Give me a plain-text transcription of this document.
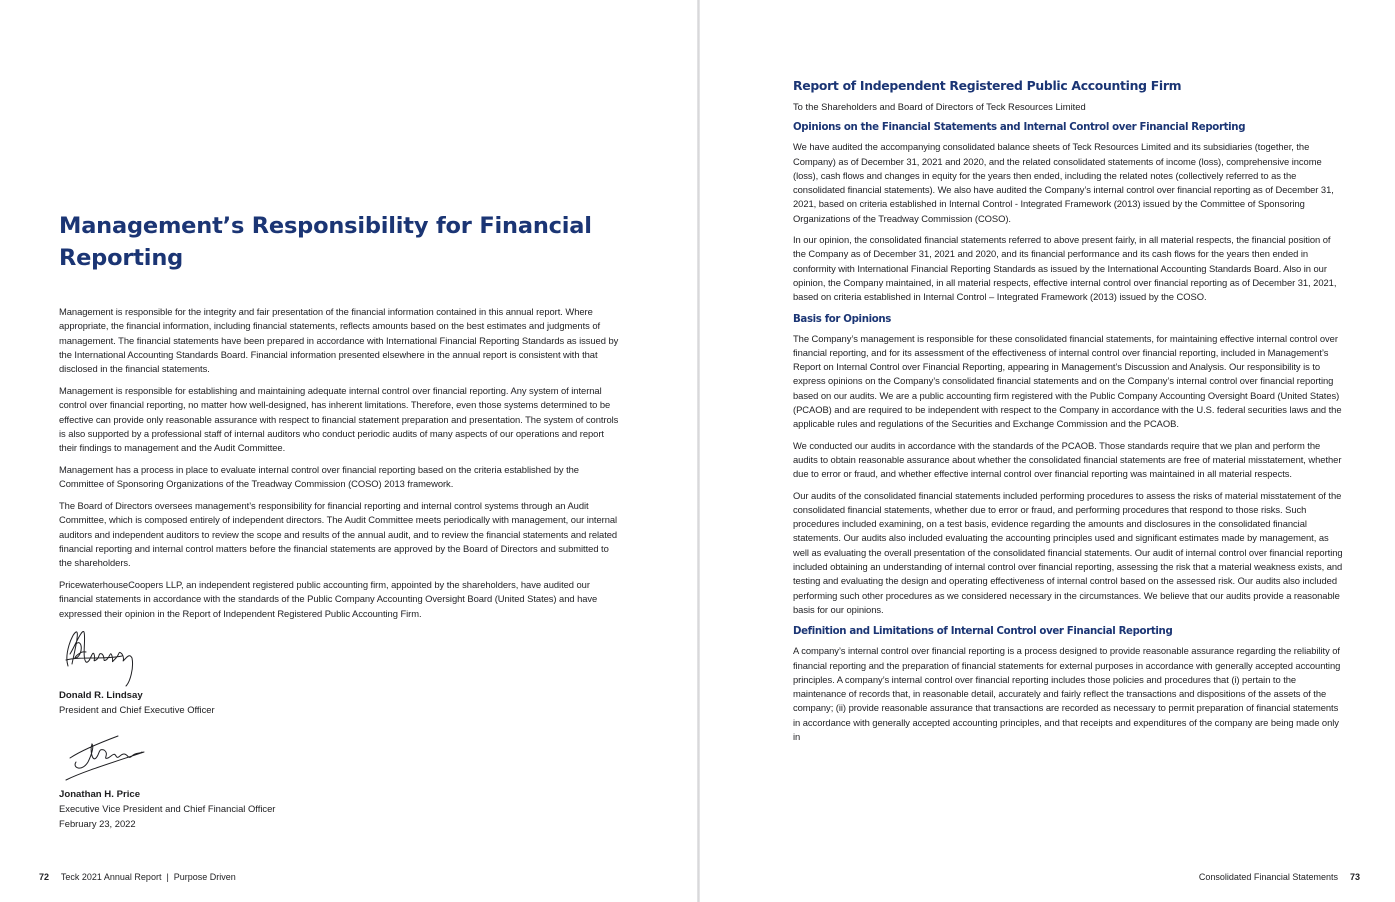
Management’s Responsibility for Financial Reporting

Management is responsible for the integrity and fair presentation of the financial information contained in this annual report. Where appropriate, the financial information, including financial statements, reflects amounts based on the best estimates and judgments of management. The financial statements have been prepared in accordance with International Financial Reporting Standards as issued by the International Accounting Standards Board. Financial information presented elsewhere in the annual report is consistent with that disclosed in the financial statements.

Management is responsible for establishing and maintaining adequate internal control over financial reporting. Any system of internal control over financial reporting, no matter how well-designed, has inherent limitations. Therefore, even those systems determined to be effective can provide only reasonable assurance with respect to financial statement preparation and presentation. The system of controls is also supported by a professional staff of internal auditors who conduct periodic audits of many aspects of our operations and report their findings to management and the Audit Committee.

Management has a process in place to evaluate internal control over financial reporting based on the criteria established by the Committee of Sponsoring Organizations of the Treadway Commission (COSO) 2013 framework.

The Board of Directors oversees management’s responsibility for financial reporting and internal control systems through an Audit Committee, which is composed entirely of independent directors. The Audit Committee meets periodically with management, our internal auditors and independent auditors to review the scope and results of the annual audit, and to review the financial statements and related financial reporting and internal control matters before the financial statements are approved by the Board of Directors and submitted to the shareholders.

PricewaterhouseCoopers LLP, an independent registered public accounting firm, appointed by the shareholders, have audited our financial statements in accordance with the standards of the Public Company Accounting Oversight Board (United States) and have expressed their opinion in the Report of Independent Registered Public Accounting Firm.

Donald R. Lindsay

President and Chief Executive Officer

Jonathan H. Price

Executive Vice President and Chief Financial Officer

February 23, 2022

72 Teck 2021 Annual Report  |  Purpose Driven
Report of Independent Registered Public Accounting Firm

To the Shareholders and Board of Directors of Teck Resources Limited

Opinions on the Financial Statements and Internal Control over Financial Reporting

We have audited the accompanying consolidated balance sheets of Teck Resources Limited and its subsidiaries (together, the Company) as of December 31, 2021 and 2020, and the related consolidated statements of income (loss), comprehensive income (loss), cash flows and changes in equity for the years then ended, including the related notes (collectively referred to as the consolidated financial statements). We also have audited the Company’s internal control over financial reporting as of December 31, 2021, based on criteria established in Internal Control - Integrated Framework (2013) issued by the Committee of Sponsoring Organizations of the Treadway Commission (COSO).

In our opinion, the consolidated financial statements referred to above present fairly, in all material respects, the financial position of the Company as of December 31, 2021 and 2020, and its financial performance and its cash flows for the years then ended in conformity with International Financial Reporting Standards as issued by the International Accounting Standards Board. Also in our opinion, the Company maintained, in all material respects, effective internal control over financial reporting as of December 31, 2021, based on criteria established in Internal Control – Integrated Framework (2013) issued by the COSO.

Basis for Opinions

The Company’s management is responsible for these consolidated financial statements, for maintaining effective internal control over financial reporting, and for its assessment of the effectiveness of internal control over financial reporting, included in Management’s Report on Internal Control over Financial Reporting, appearing in Management’s Discussion and Analysis. Our responsibility is to express opinions on the Company’s consolidated financial statements and on the Company’s internal control over financial reporting based on our audits. We are a public accounting firm registered with the Public Company Accounting Oversight Board (United States) (PCAOB) and are required to be independent with respect to the Company in accordance with the U.S. federal securities laws and the applicable rules and regulations of the Securities and Exchange Commission and the PCAOB.

We conducted our audits in accordance with the standards of the PCAOB. Those standards require that we plan and perform the audits to obtain reasonable assurance about whether the consolidated financial statements are free of material misstatement, whether due to error or fraud, and whether effective internal control over financial reporting was maintained in all material respects.

Our audits of the consolidated financial statements included performing procedures to assess the risks of material misstatement of the consolidated financial statements, whether due to error or fraud, and performing procedures that respond to those risks. Such procedures included examining, on a test basis, evidence regarding the amounts and disclosures in the consolidated financial statements. Our audits also included evaluating the accounting principles used and significant estimates made by management, as well as evaluating the overall presentation of the consolidated financial statements. Our audit of internal control over financial reporting included obtaining an understanding of internal control over financial reporting, assessing the risk that a material weakness exists, and testing and evaluating the design and operating effectiveness of internal control based on the assessed risk. Our audits also included performing such other procedures as we considered necessary in the circumstances. We believe that our audits provide a reasonable basis for our opinions.

Definition and Limitations of Internal Control over Financial Reporting

A company’s internal control over financial reporting is a process designed to provide reasonable assurance regarding the reliability of financial reporting and the preparation of financial statements for external purposes in accordance with generally accepted accounting principles. A company’s internal control over financial reporting includes those policies and procedures that (i) pertain to the maintenance of records that, in reasonable detail, accurately and fairly reflect the transactions and dispositions of the assets of the company; (ii) provide reasonable assurance that transactions are recorded as necessary to permit preparation of financial statements in accordance with generally accepted accounting principles, and that receipts and expenditures of the company are being made only in

Consolidated Financial Statements 73
